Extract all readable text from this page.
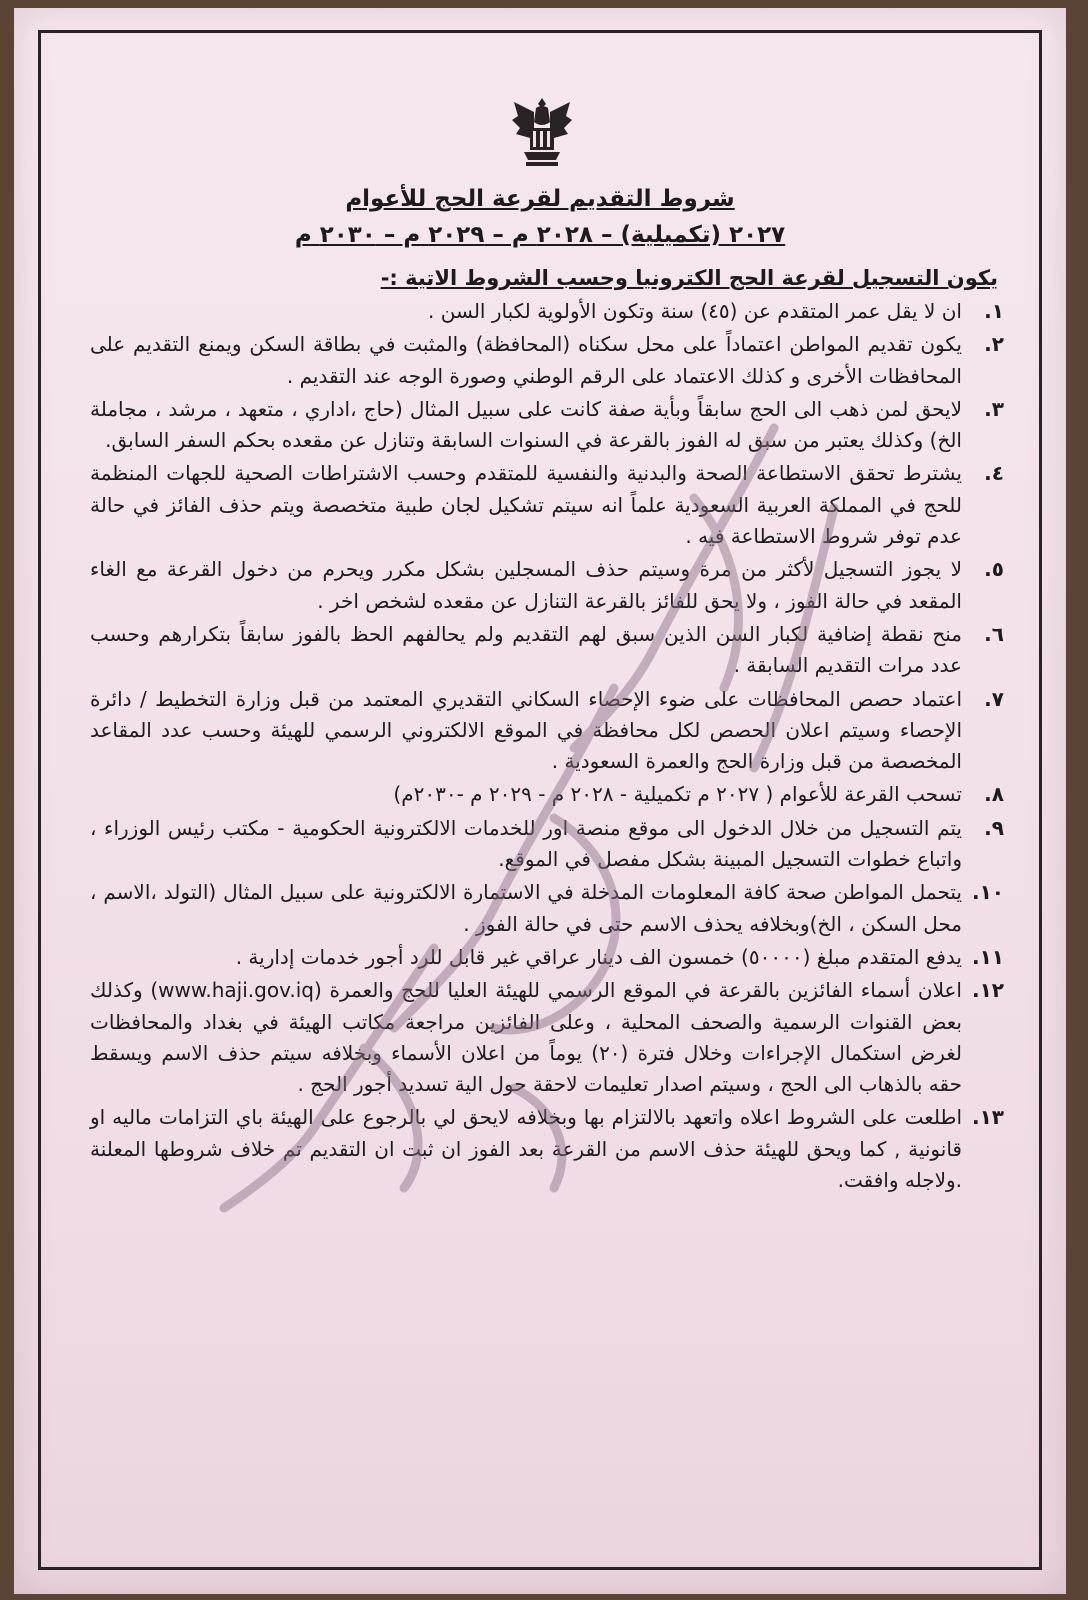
شروط التقديم لقرعة الحج للأعوام
٢٠٢٧ (تكميلية) – ٢٠٢٨ م – ٢٠٢٩ م – ٢٠٣٠ م
يكون التسجيل لقرعة الحج الكترونيا وحسب الشروط الاتية :-
١.
ان لا يقل عمر المتقدم عن (٤٥) سنة وتكون الأولوية لكبار السن .
٢.
يكون تقديم المواطن اعتماداً على محل سكناه (المحافظة) والمثبت في بطاقة السكن ويمنع التقديم على المحافظات الأخرى و كذلك الاعتماد على الرقم الوطني وصورة الوجه عند التقديم .
٣.
لايحق لمن ذهب الى الحج سابقاً وبأية صفة كانت على سبيل المثال (حاج ،اداري ، متعهد ، مرشد ، مجاملة الخ) وكذلك يعتبر من سبق له الفوز بالقرعة في السنوات السابقة وتنازل عن مقعده بحكم السفر السابق.
٤.
يشترط تحقق الاستطاعة الصحة والبدنية والنفسية للمتقدم وحسب الاشتراطات الصحية للجهات المنظمة للحج في المملكة العربية السعودية علماً انه سيتم تشكيل لجان طبية متخصصة ويتم حذف الفائز في حالة عدم توفر شروط الاستطاعة فيه .
٥.
لا يجوز التسجيل لأكثر من مرة وسيتم حذف المسجلين بشكل مكرر ويحرم من دخول القرعة مع الغاء المقعد في حالة الفوز ، ولا يحق للفائز بالقرعة التنازل عن مقعده لشخص اخر .
٦.
منح نقطة إضافية لكبار السن الذين سبق لهم التقديم ولم يحالفهم الحظ بالفوز سابقاً بتكرارهم وحسب عدد مرات التقديم السابقة .
٧.
اعتماد حصص المحافظات على ضوء الإحصاء السكاني التقديري المعتمد من قبل وزارة التخطيط / دائرة الإحصاء وسيتم اعلان الحصص لكل محافظة في الموقع الالكتروني الرسمي للهيئة وحسب عدد المقاعد المخصصة من قبل وزارة الحج والعمرة السعودية .
٨.
تسحب القرعة للأعوام ( ٢٠٢٧ م تكميلية - ٢٠٢٨ م - ٢٠٢٩ م -٢٠٣٠م)
٩.
يتم التسجيل من خلال الدخول الى موقع منصة اور للخدمات الالكترونية الحكومية - مكتب رئيس الوزراء ، واتباع خطوات التسجيل المبينة بشكل مفصل في الموقع.
١٠.
يتحمل المواطن صحة كافة المعلومات المدخلة في الاستمارة الالكترونية على سبيل المثال (التولد ،الاسم ، محل السكن ، الخ)وبخلافه يحذف الاسم حتى في حالة الفوز .
١١.
يدفع المتقدم مبلغ (٥٠٠٠٠) خمسون الف دينار عراقي غير قابل للرد أجور خدمات إدارية .
١٢.
اعلان أسماء الفائزين بالقرعة في الموقع الرسمي للهيئة العليا للحج والعمرة (www.haji.gov.iq) وكذلك بعض القنوات الرسمية والصحف المحلية ، وعلى الفائزين مراجعة مكاتب الهيئة في بغداد والمحافظات لغرض استكمال الإجراءات وخلال فترة (٢٠) يوماً من اعلان الأسماء وبخلافه سيتم حذف الاسم ويسقط حقه بالذهاب الى الحج ، وسيتم اصدار تعليمات لاحقة حول الية تسديد أجور الحج .
١٣.
اطلعت على الشروط اعلاه واتعهد بالالتزام بها وبخلافه لايحق لي بالرجوع على الهيئة باي التزامات ماليه او قانونية , كما ويحق للهيئة حذف الاسم من القرعة بعد الفوز ان ثبت ان التقديم تم خلاف شروطها المعلنة .ولاجله وافقت.
